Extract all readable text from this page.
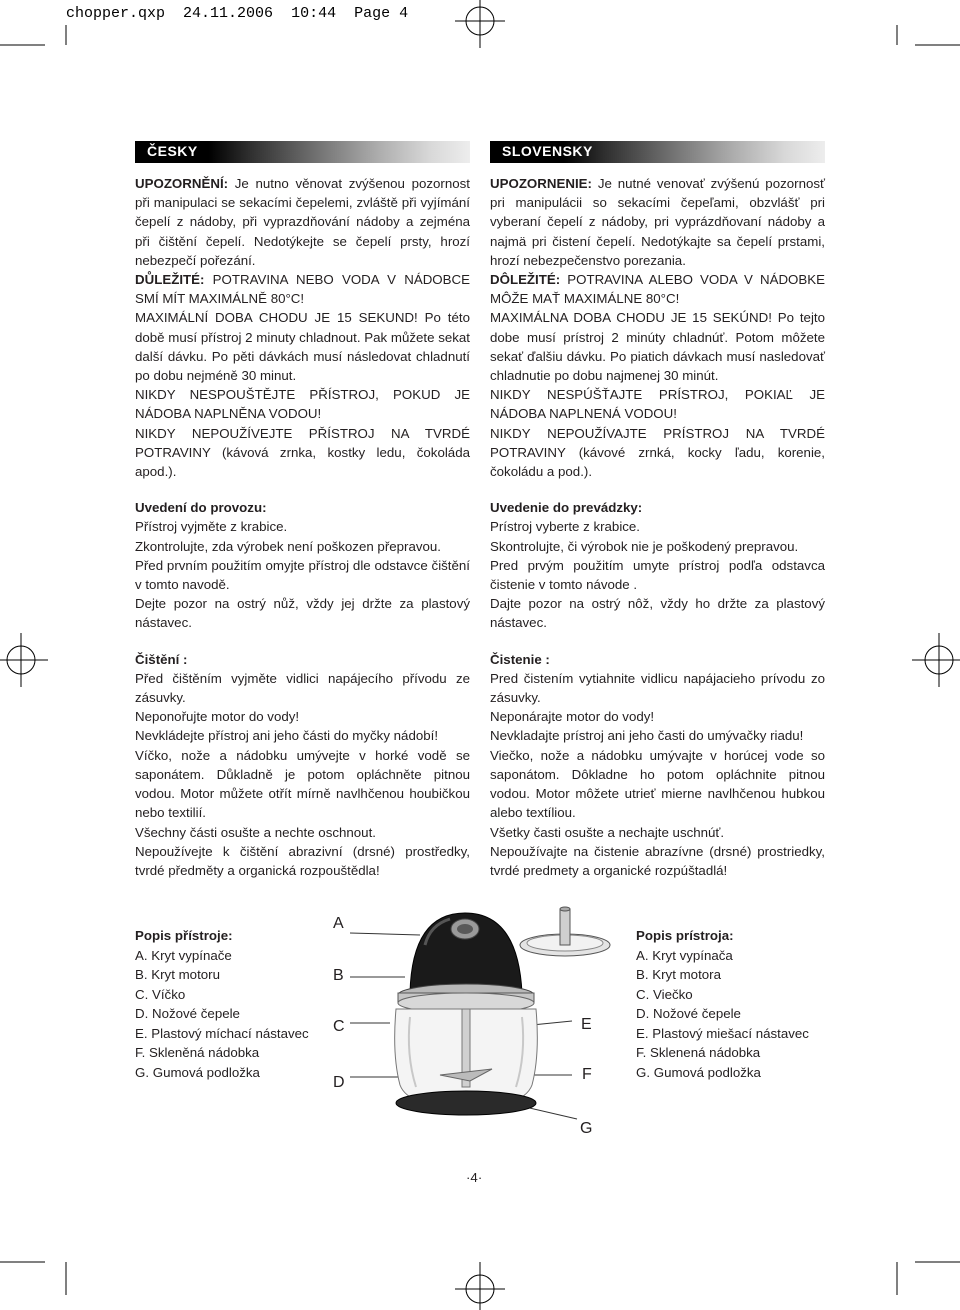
chopper.qxp 24.11.2006 10:44 Page 4
ČESKY

UPOZORNĚNÍ: Je nutno věnovat zvýšenou pozornost při manipulaci se sekacími čepelemi, zvláště při vyjímání čepelí z nádoby, při vyprazdňování nádoby a zejména při čištění čepelí. Nedotýkejte se čepelí prsty, hrozí nebezpečí pořezání.

DŮLEŽITÉ: POTRAVINA NEBO VODA V NÁDOBCE SMÍ MÍT MAXIMÁLNĚ 80°C!

MAXIMÁLNÍ DOBA CHODU JE 15 SEKUND! Po této době musí přístroj 2 minuty chladnout. Pak můžete sekat další dávku. Po pěti dávkách musí následovat chladnutí po dobu nejméně 30 minut.

NIKDY NESPOUŠTĚJTE PŘÍSTROJ, POKUD JE NÁDOBA NAPLNĚNA VODOU!

NIKDY NEPOUŽÍVEJTE PŘÍSTROJ NA TVRDÉ POTRAVINY (kávová zrnka, kostky ledu, čokoláda apod.).

Uvedení do provozu:

Přístroj vyjměte z krabice.

Zkontrolujte, zda výrobek není poškozen přepravou.

Před prvním použitím omyjte přístroj dle odstavce čištění v tomto navodě.

Dejte pozor na ostrý nůž, vždy jej držte za plastový nástavec.

Čištění :

Před čištěním vyjměte vidlici napájecího přívodu ze zásuvky.

Neponořujte motor do vody!

Nevkládejte přístroj ani jeho části do myčky nádobí!

Víčko, nože a nádobku umývejte v horké vodě se saponátem. Důkladně je potom opláchněte pitnou vodou. Motor můžete otřít mírně navlhčenou houbičkou nebo textilií.

Všechny části osušte a nechte oschnout.

Nepoužívejte k čištění abrazivní (drsné) prostředky, tvrdé předměty a organická rozpouštědla!

SLOVENSKY

UPOZORNENIE: Je nutné venovať zvýšenú pozornosť pri manipulácii so sekacími čepeľami, obzvlášť pri vyberaní čepelí z nádoby, pri vyprázdňovaní nádoby a najmä pri čistení čepelí. Nedotýkajte sa čepelí prstami, hrozí nebezpečenstvo porezania.

DÔLEŽITÉ: POTRAVINA ALEBO VODA V NÁDOBKE MÔŽE MAŤ MAXIMÁLNE 80°C!

MAXIMÁLNA DOBA CHODU JE 15 SEKÚND! Po tejto dobe musí prístroj 2 minúty chladnúť. Potom môžete sekať ďalšiu dávku. Po piatich dávkach musí nasledovať chladnutie po dobu najmenej 30 minút.

NIKDY NESPÚŠŤAJTE PRÍSTROJ, POKIAĽ JE NÁDOBA NAPLNENÁ VODOU!

NIKDY NEPOUŽÍVAJTE PRÍSTROJ NA TVRDÉ POTRAVINY (kávové zrnká, kocky ľadu, korenie, čokoládu a pod.).

Uvedenie do prevádzky:

Prístroj vyberte z krabice.

Skontrolujte, či výrobok nie je poškodený prepravou.

Pred prvým použitím umyte prístroj podľa odstavca čistenie v tomto návode .

Dajte pozor na ostrý nôž, vždy ho držte za plastový nástavec.

Čistenie :

Pred čistením vytiahnite vidlicu napájacieho prívodu zo zásuvky.

Neponárajte motor do vody!

Nevkladajte prístroj ani jeho časti do umývačky riadu!

Viečko, nože a nádobku umývajte v horúcej vode so saponátom. Dôkladne ho potom opláchnite pitnou vodou. Motor môžete utrieť mierne navlhčenou hubkou alebo textíliou.

Všetky časti osušte a nechajte uschnúť.

Nepoužívajte na čistenie abrazívne (drsné) prostriedky, tvrdé predmety a organické rozpúštadlá!

Popis přístroje:

A. Kryt vypínače

B. Kryt motoru

C. Víčko

D. Nožové čepele

E. Plastový míchací nástavec

F. Skleněná nádobka

G. Gumová podložka

Popis prístroja:

A. Kryt vypínača

B. Kryt motora

C. Viečko

D. Nožové čepele

E. Plastový miešací nástavec

F. Sklenená nádobka

G. Gumová podložka

A
B
C
D
E
F
G
·4·
